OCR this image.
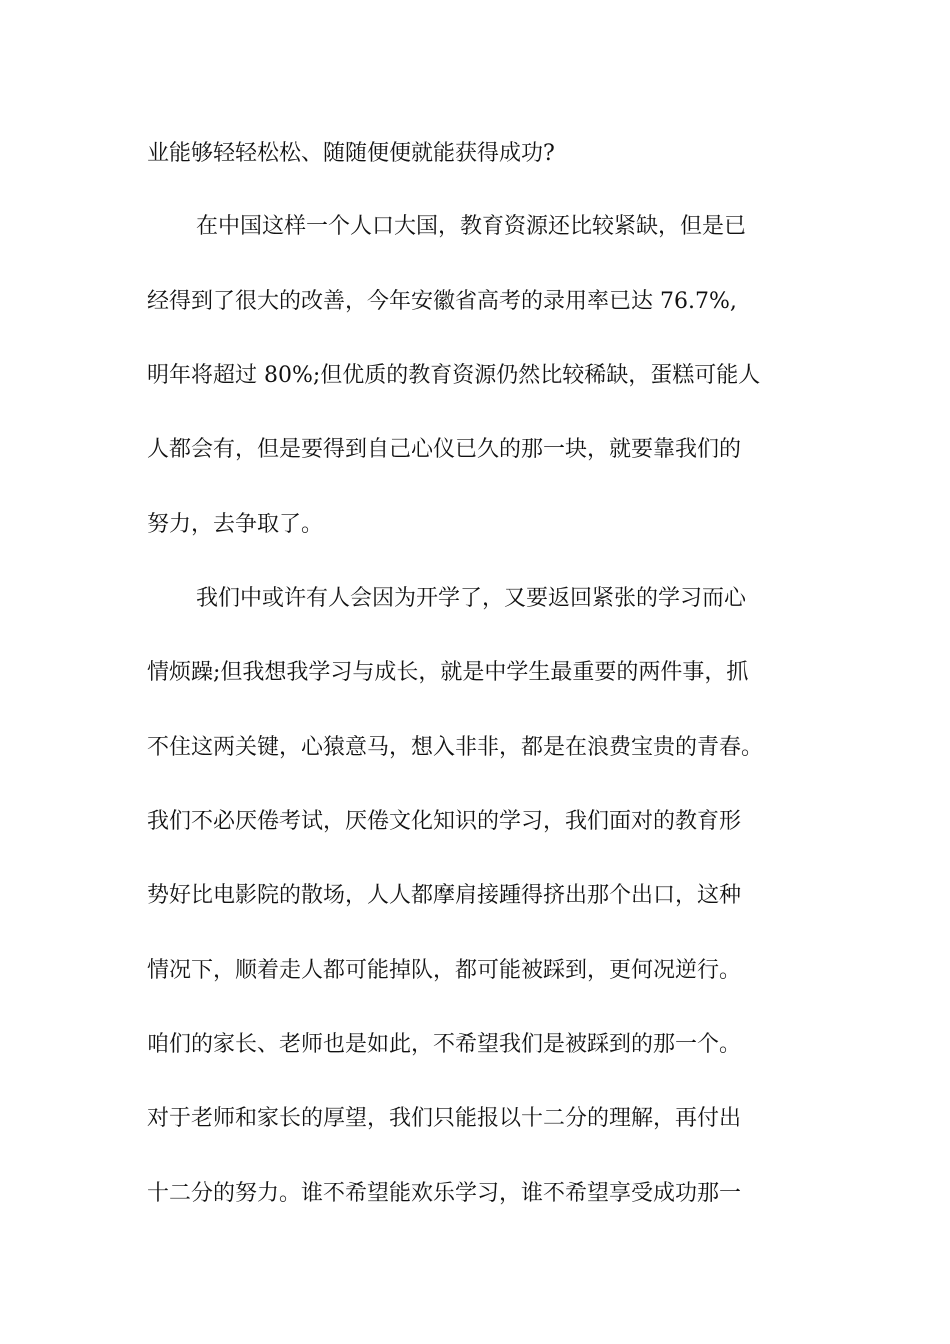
业能够轻轻松松、随随便便就能获得成功?
在中国这样一个人口大国，教育资源还比较紧缺，但是已
经得到了很大的改善，今年安徽省高考的录用率已达 76.7%,
明年将超过 80%;但优质的教育资源仍然比较稀缺，蛋糕可能人
人都会有，但是要得到自己心仪已久的那一块，就要靠我们的
努力，去争取了。
我们中或许有人会因为开学了，又要返回紧张的学习而心
情烦躁;但我想我学习与成长，就是中学生最重要的两件事，抓
不住这两关键，心猿意马，想入非非，都是在浪费宝贵的青春。
我们不必厌倦考试，厌倦文化知识的学习，我们面对的教育形
势好比电影院的散场，人人都摩肩接踵得挤出那个出口，这种
情况下，顺着走人都可能掉队，都可能被踩到，更何况逆行。
咱们的家长、老师也是如此，不希望我们是被踩到的那一个。
对于老师和家长的厚望，我们只能报以十二分的理解，再付出
十二分的努力。谁不希望能欢乐学习，谁不希望享受成功那一
